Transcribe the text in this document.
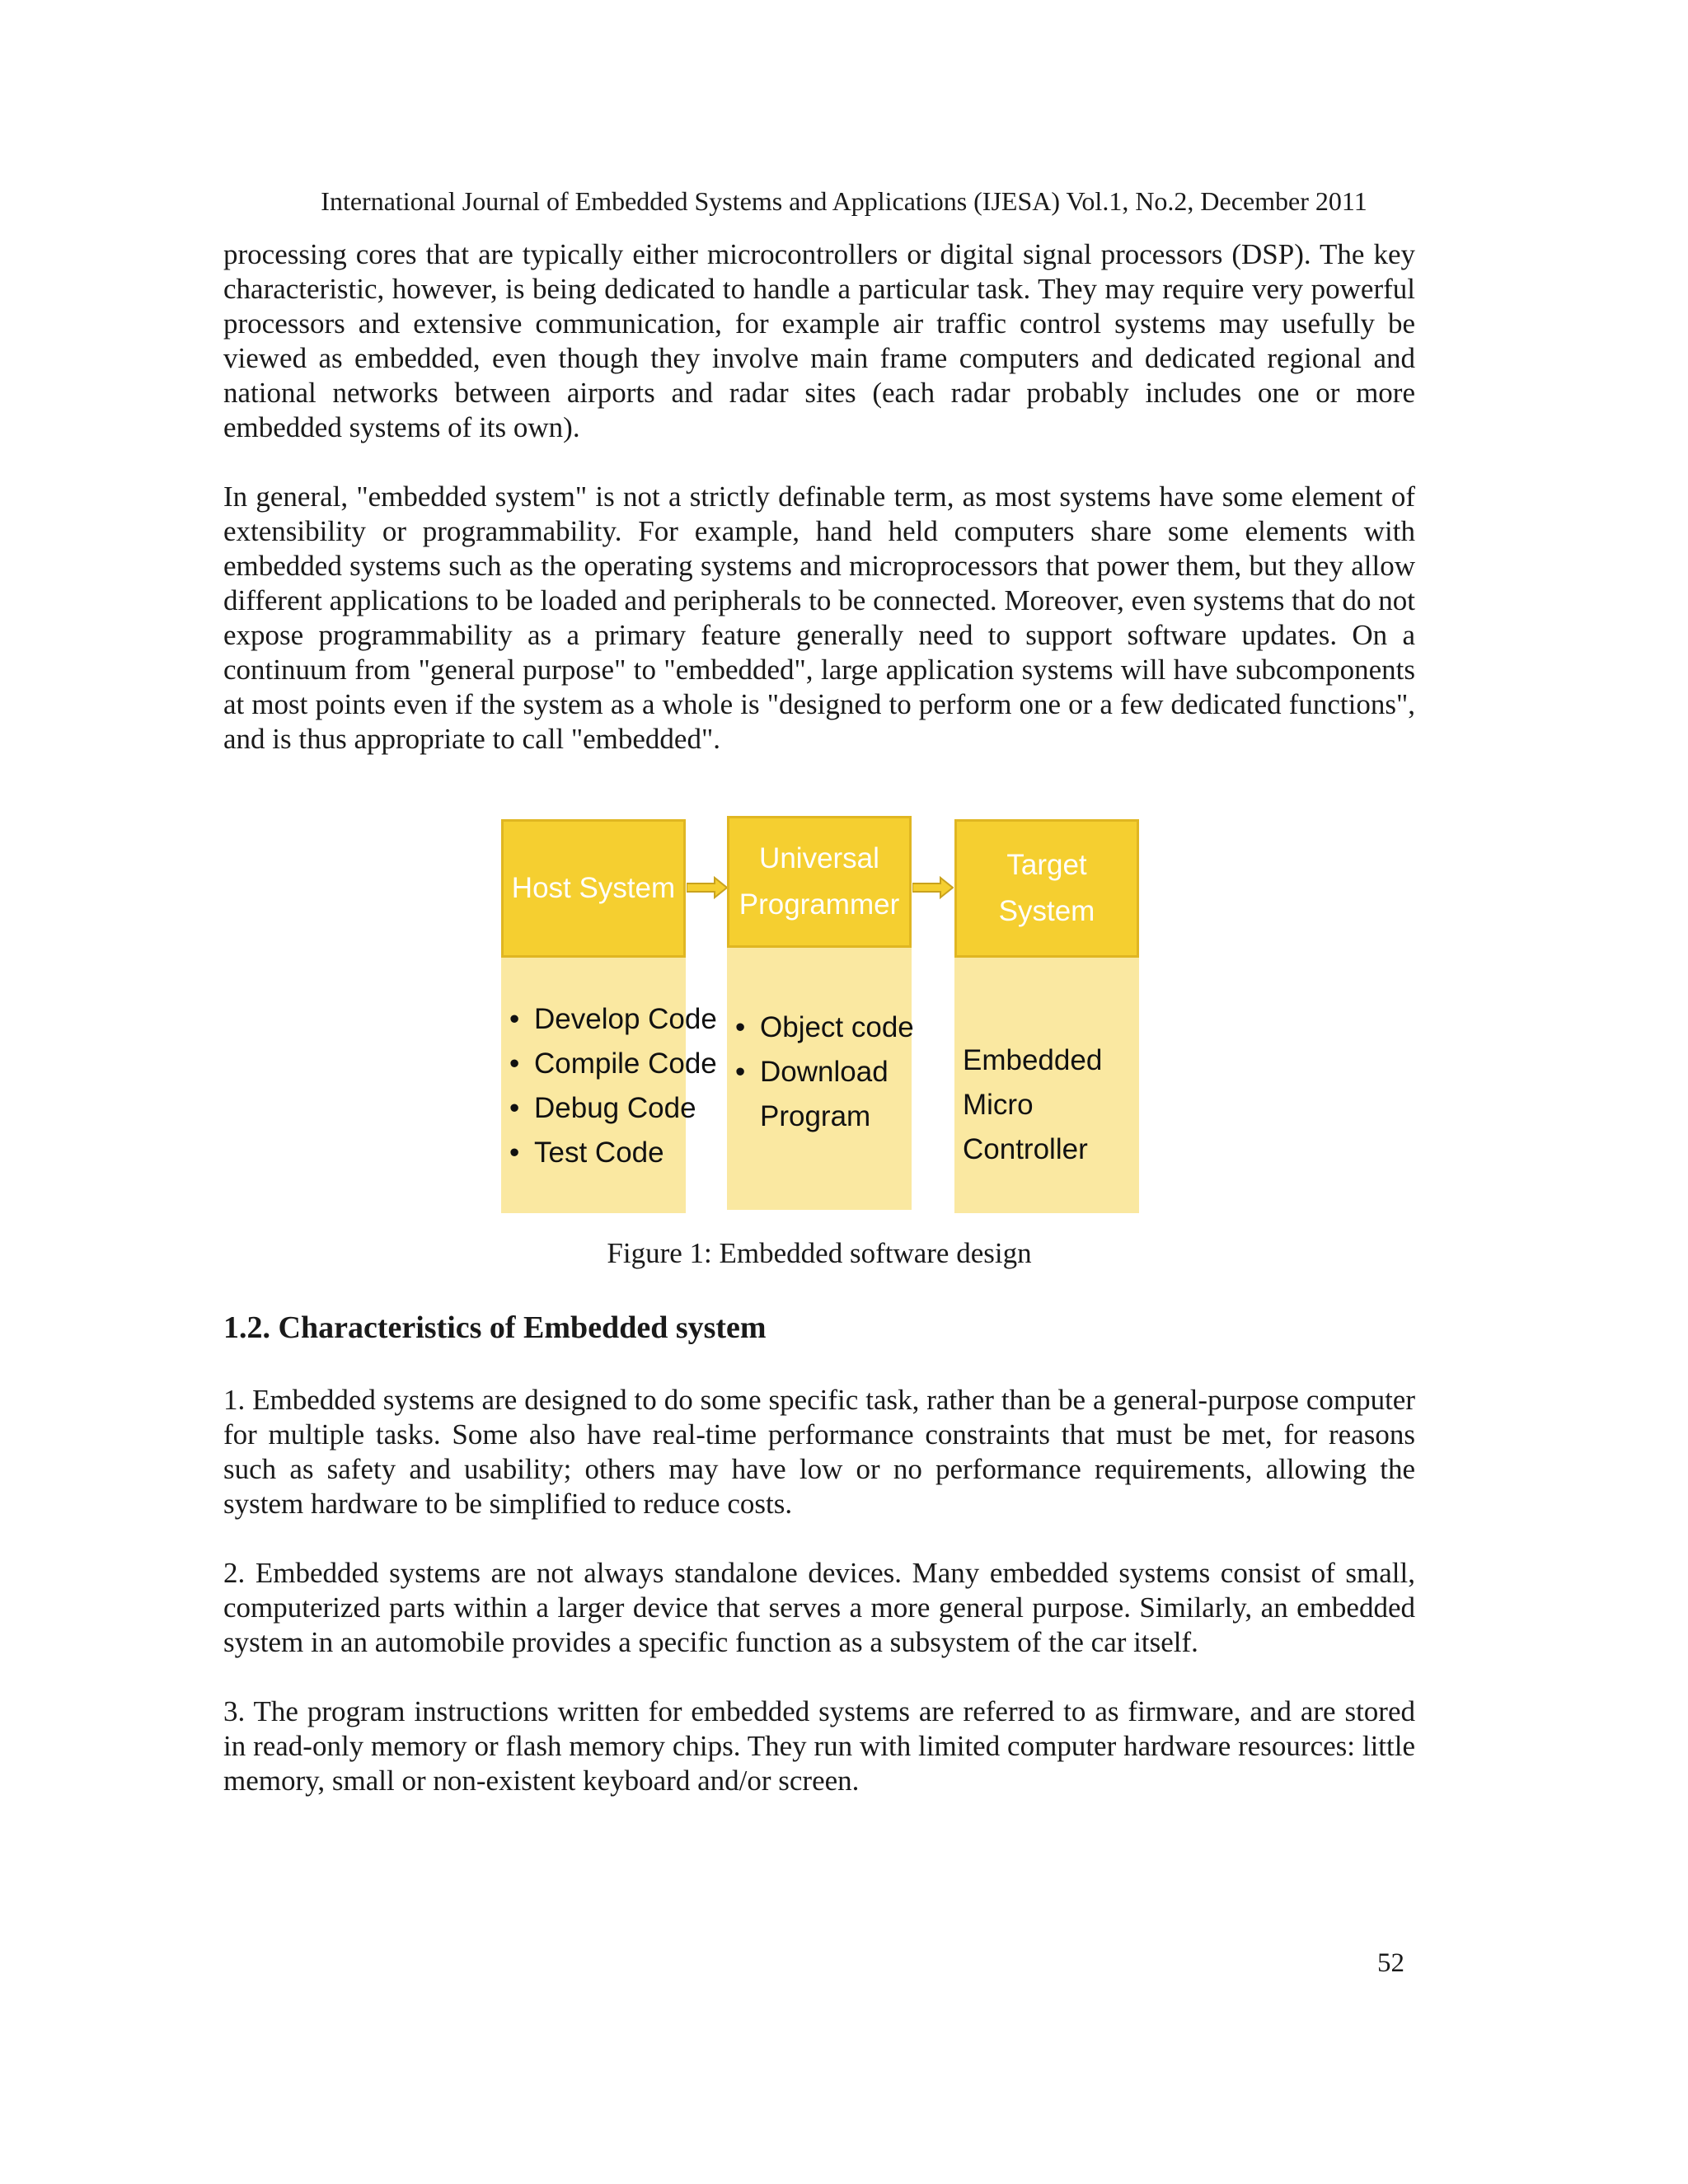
International Journal of Embedded Systems and Applications (IJESA) Vol.1, No.2, December 2011

processing cores that are typically either microcontrollers or digital signal processors (DSP). The key characteristic, however, is being dedicated to handle a particular task. They may require very powerful processors and extensive communication, for example air traffic control systems may usefully be viewed as embedded, even though they involve main frame computers and dedicated regional and national networks between airports and radar sites (each radar probably includes one or more embedded systems of its own).

In general, "embedded system" is not a strictly definable term, as most systems have some element of extensibility or programmability. For example, hand held computers share some elements with embedded systems such as the operating systems and microprocessors that power them, but they allow different applications to be loaded and peripherals to be connected. Moreover, even systems that do not expose programmability as a primary feature generally need to support software updates. On a continuum from "general purpose" to "embedded", large application systems will have subcomponents at most points even if the system as a whole is "designed to perform one or a few dedicated functions", and is thus appropriate to call "embedded".

Host System
• Develop Code
• Compile Code
• Debug Code
• Test Code
Universal Programmer
• Object code
• Download Program
Target System
Embedded Micro Controller
Figure 1: Embedded software design
1.2. Characteristics of Embedded system

1. Embedded systems are designed to do some specific task, rather than be a general-purpose computer for multiple tasks. Some also have real-time performance constraints that must be met, for reasons such as safety and usability; others may have low or no performance requirements, allowing the system hardware to be simplified to reduce costs.

2. Embedded systems are not always standalone devices. Many embedded systems consist of small, computerized parts within a larger device that serves a more general purpose. Similarly, an embedded system in an automobile provides a specific function as a subsystem of the car itself.

3. The program instructions written for embedded systems are referred to as firmware, and are stored in read-only memory or flash memory chips. They run with limited computer hardware resources: little memory, small or non-existent keyboard and/or screen.

52
